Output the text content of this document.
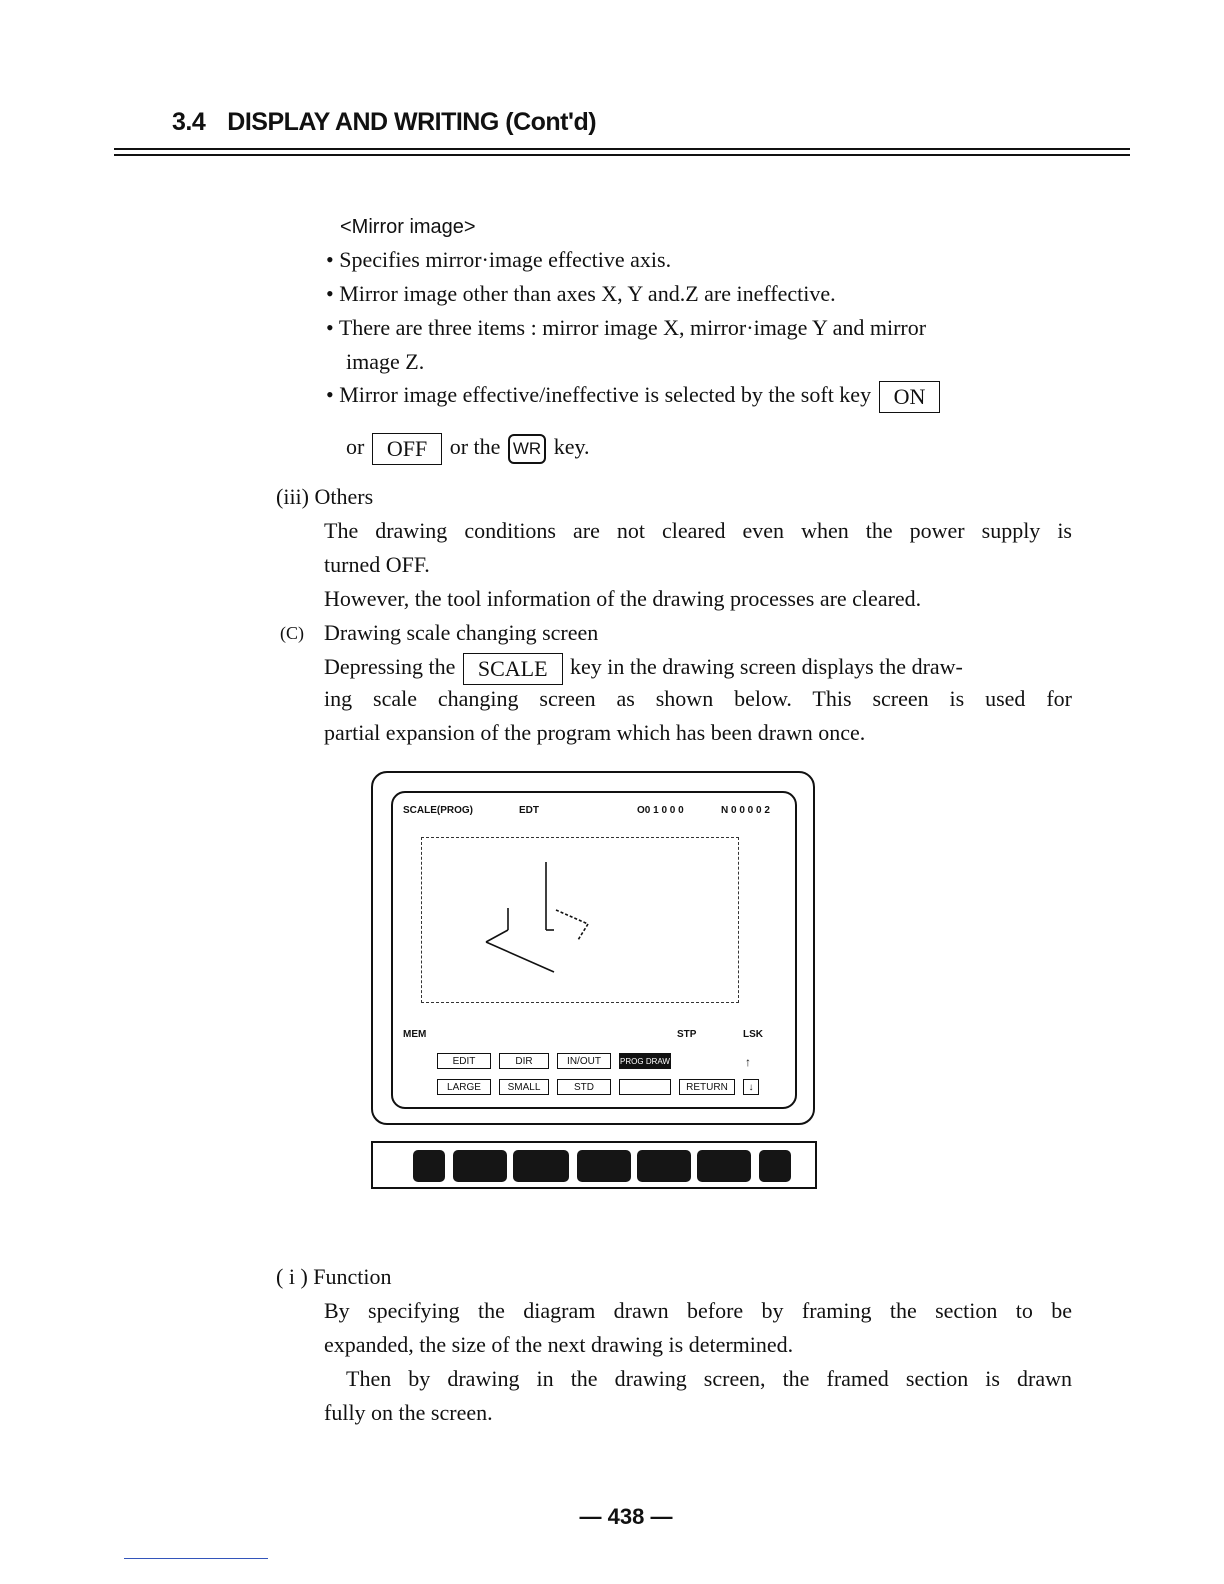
3.4 DISPLAY AND WRITING (Cont'd)
<Mirror image>
• Specifies mirror·image effective axis.
• Mirror image other than axes X, Y and.Z are ineffective.
• There are three items : mirror image X, mirror·image Y and mirror
image Z.
• Mirror image effective/ineffective is selected by the soft key ON
or OFF or the WR key.
(iii) Others
The drawing conditions are not cleared even when the power supply is
turned OFF.
However, the tool information of the drawing processes are cleared.
(C) Drawing scale changing screen
Depressing the SCALE key in the drawing screen displays the draw-
ing scale changing screen as shown below. This screen is used for
partial expansion of the program which has been drawn once.
SCALE(PROG)	EDT	O0 1 0 0 0	N 0 0 0 0 2
MEM	STP	LSK
EDIT	DIR	IN/OUT	PROG DRAW	↑
LARGE	SMALL	STD	RETURN	↓
( i ) Function
By specifying the diagram drawn before by framing the section to be
expanded, the size of the next drawing is determined.
Then by drawing in the drawing screen, the framed section is drawn
fully on the screen.
— 438 —
